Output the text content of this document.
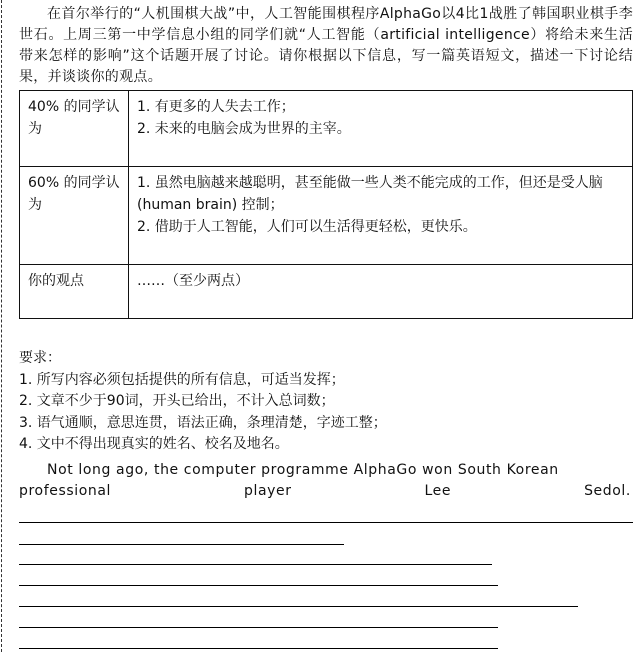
在首尔举行的“人机围棋大战”中，人工智能围棋程序AlphaGo以4比1战胜了韩国职业棋手李世石。上周三第一中学信息小组的同学们就“人工智能（artificial intelligence）将给未来生活带来怎样的影响”这个话题开展了讨论。请你根据以下信息，写一篇英语短文，描述一下讨论结果，并谈谈你的观点。

40% 的同学认为	1. 有更多的人失去工作；
2. 未来的电脑会成为世界的主宰。

60% 的同学认为	1. 虽然电脑越来越聪明，甚至能做一些人类不能完成的工作，但还是受人脑 (human brain) 控制；
2. 借助于人工智能，人们可以生活得更轻松，更快乐。

你的观点	……（至少两点）
要求：
1. 所写内容必须包括提供的所有信息，可适当发挥；
2. 文章不少于90词，开头已给出，不计入总词数；
3. 语气通顺，意思连贯，语法正确，条理清楚，字迹工整；
4. 文中不得出现真实的姓名、校名及地名。
Not long ago, the computer programme AlphaGo won South Korean
professional	player	Lee	Sedol.
